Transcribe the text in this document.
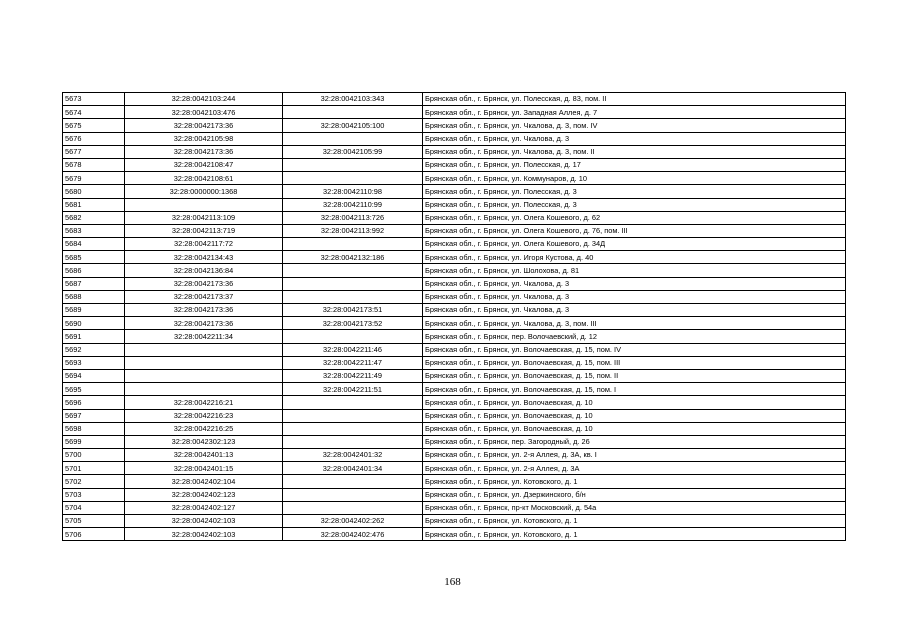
5673	32:28:0042103:244	32:28:0042103:343	Брянская обл., г. Брянск, ул. Полесская, д. 83, пом. II
5674	32:28:0042103:476		Брянская обл., г. Брянск, ул. Западная Аллея, д. 7
5675	32:28:0042173:36	32:28:0042105:100	Брянская обл., г. Брянск, ул. Чкалова, д. 3, пом. IV
5676	32:28:0042105:98		Брянская обл., г. Брянск, ул. Чкалова, д. 3
5677	32:28:0042173:36	32:28:0042105:99	Брянская обл., г. Брянск, ул. Чкалова, д. 3, пом. II
5678	32:28:0042108:47		Брянская обл., г. Брянск, ул. Полесская, д. 17
5679	32:28:0042108:61		Брянская обл., г. Брянск, ул. Коммунаров, д. 10
5680	32:28:0000000:1368	32:28:0042110:98	Брянская обл., г. Брянск, ул. Полесская, д. 3
5681		32:28:0042110:99	Брянская обл., г. Брянск, ул. Полесская, д. 3
5682	32:28:0042113:109	32:28:0042113:726	Брянская обл., г. Брянск, ул. Олега Кошевого, д. 62
5683	32:28:0042113:719	32:28:0042113:992	Брянская обл., г. Брянск, ул. Олега Кошевого, д. 76, пом. III
5684	32:28:0042117:72		Брянская обл., г. Брянск, ул. Олега Кошевого, д. 34Д
5685	32:28:0042134:43	32:28:0042132:186	Брянская обл., г. Брянск, ул. Игоря Кустова, д. 40
5686	32:28:0042136:84		Брянская обл., г. Брянск, ул. Шолохова, д. 81
5687	32:28:0042173:36		Брянская обл., г. Брянск, ул. Чкалова, д. 3
5688	32:28:0042173:37		Брянская обл., г. Брянск, ул. Чкалова, д. 3
5689	32:28:0042173:36	32:28:0042173:51	Брянская обл., г. Брянск, ул. Чкалова, д. 3
5690	32:28:0042173:36	32:28:0042173:52	Брянская обл., г. Брянск, ул. Чкалова, д. 3, пом. III
5691	32:28:0042211:34		Брянская обл., г. Брянск, пер. Волочаевский, д. 12
5692		32:28:0042211:46	Брянская обл., г. Брянск, ул. Волочаевская, д. 15, пом. IV
5693		32:28:0042211:47	Брянская обл., г. Брянск, ул. Волочаевская, д. 15, пом. III
5694		32:28:0042211:49	Брянская обл., г. Брянск, ул. Волочаевская, д. 15, пом. II
5695		32:28:0042211:51	Брянская обл., г. Брянск, ул. Волочаевская, д. 15, пом. I
5696	32:28:0042216:21		Брянская обл., г. Брянск, ул. Волочаевская, д. 10
5697	32:28:0042216:23		Брянская обл., г. Брянск, ул. Волочаевская, д. 10
5698	32:28:0042216:25		Брянская обл., г. Брянск, ул. Волочаевская, д. 10
5699	32:28:0042302:123		Брянская обл., г. Брянск, пер. Загородный, д. 26
5700	32:28:0042401:13	32:28:0042401:32	Брянская обл., г. Брянск, ул. 2-я Аллея, д. 3А, кв. I
5701	32:28:0042401:15	32:28:0042401:34	Брянская обл., г. Брянск, ул. 2-я Аллея, д. 3А
5702	32:28:0042402:104		Брянская обл., г. Брянск, ул. Котовского, д. 1
5703	32:28:0042402:123		Брянская обл., г. Брянск, ул. Дзержинского, б/н
5704	32:28:0042402:127		Брянская обл., г. Брянск, пр-кт Московский, д. 54а
5705	32:28:0042402:103	32:28:0042402:262	Брянская обл., г. Брянск, ул. Котовского, д. 1
5706	32:28:0042402:103	32:28:0042402:476	Брянская обл., г. Брянск, ул. Котовского, д. 1
168
